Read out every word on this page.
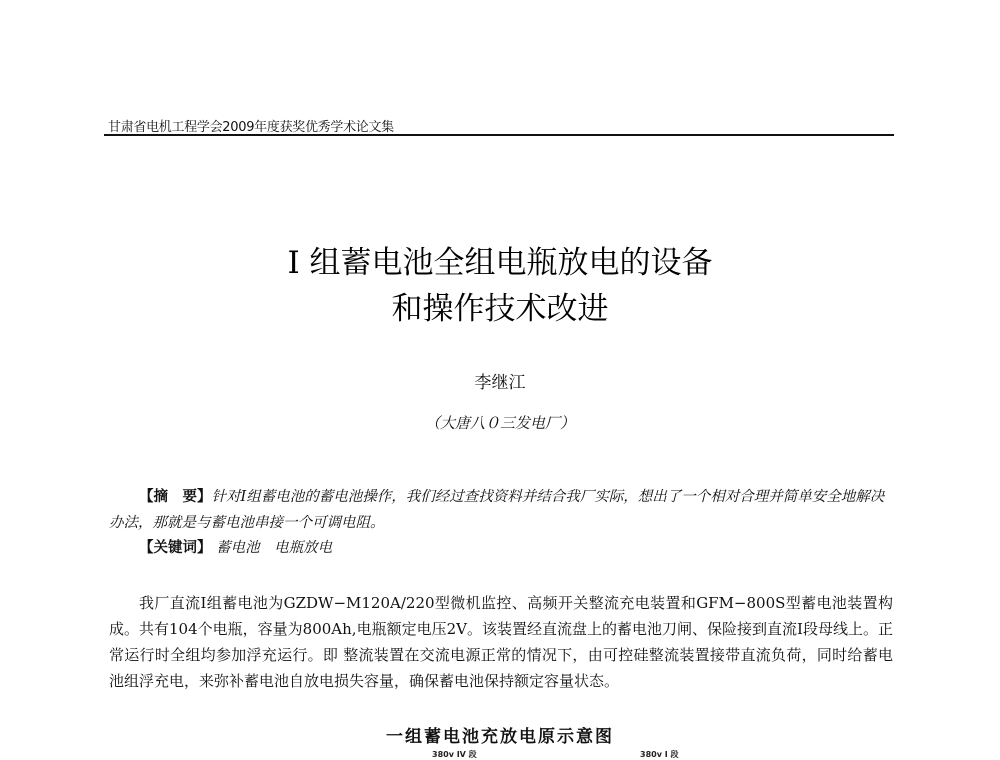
甘肃省电机工程学会2009年度获奖优秀学术论文集
I 组蓄电池全组电瓶放电的设备
和操作技术改进
李继江
（大唐八０三发电厂）

【摘　要】针对Ⅰ组蓄电池的蓄电池操作，我们经过查找资料并结合我厂实际，想出了一个相对合理并简单安全地解决办法，那就是与蓄电池串接一个可调电阻。

【关键词】 蓄电池　电瓶放电

我厂直流Ⅰ组蓄电池为GZDW−M120A/220型微机监控、高频开关整流充电装置和GFM−800S型蓄电池装置构成。共有104个电瓶，容量为800Ah,电瓶额定电压2V。该装置经直流盘上的蓄电池刀闸、保险接到直流Ⅰ段母线上。正常运行时全组均参加浮充运行。即 整流装置在交流电源正常的情况下，由可控硅整流装置接带直流负荷，同时给蓄电池组浮充电，来弥补蓄电池自放电损失容量，确保蓄电池保持额定容量状态。

一组蓄电池充放电原示意图
380v IV 段	380v I 段
